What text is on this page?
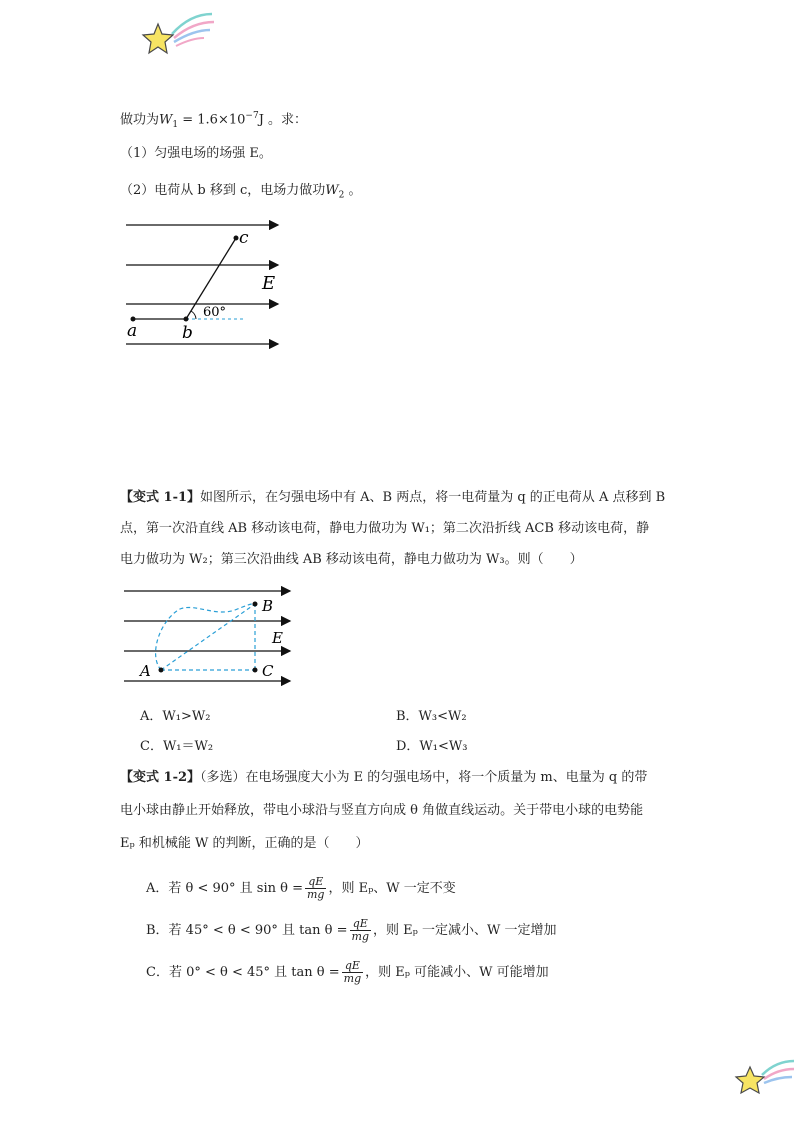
做功为$W_1 = 1.6\times 10^{-7}J$ 。求：
（1）匀强电场的场强 E。
（2）电荷从 b 移到 c，电场力做功$W_2$ 。
c
E
60°
a	b
【变式 1-1】如图所示，在匀强电场中有 A、B 两点，将一电荷量为 q 的正电荷从 A 点移到 B
点，第一次沿直线 AB 移动该电荷，静电力做功为 W₁；第二次沿折线 ACB 移动该电荷，静
电力做功为 W₂；第三次沿曲线 AB 移动该电荷，静电力做功为 W₃。则（　　）
B
E
A	C
A．W₁>W₂	B．W₃<W₂
C．W₁＝W₂	D．W₁<W₃
【变式 1-2】（多选）在电场强度大小为 E 的匀强电场中，将一个质量为 m、电量为 q 的带
电小球由静止开始释放，带电小球沿与竖直方向成 θ 角做直线运动。关于带电小球的电势能
Eₚ 和机械能 W 的判断，正确的是（　　）
A．若 θ < 90° 且 $\sin \theta = \frac{qE}{mg}$ ，则 Eₚ、W 一定不变
B．若 45° < θ < 90° 且 $\tan \theta = \frac{qE}{mg}$ ，则 Eₚ 一定减小、W 一定增加
C．若 0° < θ < 45° 且 $\tan \theta = \frac{qE}{mg}$ ，则 Eₚ 可能减小、W 可能增加
